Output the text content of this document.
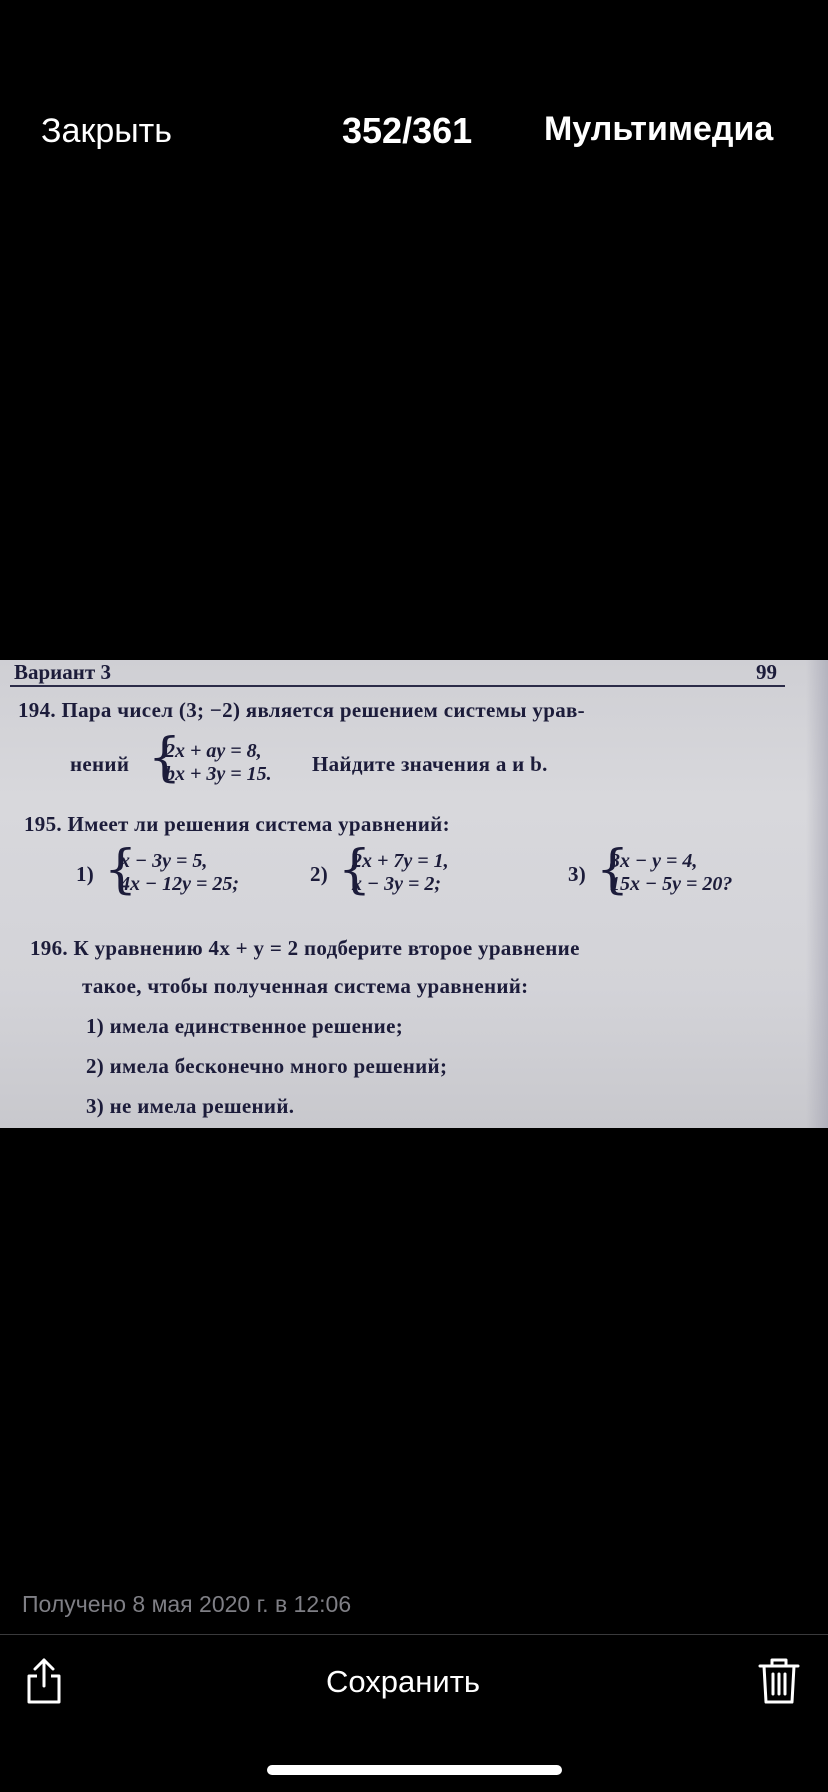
Закрыть	352/361 Мультимедиа
Вариант 3	99
194. Пара чисел (3; −2) является решением системы урав-
нений {
2x + ay = 8,
bx + 3y = 15. Найдите значения a и b.
195. Имеет ли решения система уравнений:
1) {
x − 3y = 5,
4x − 12y = 25;	2) {
2x + 7y = 1,
x − 3y = 2;	3) {
3x − y = 4,
15x − 5y = 20?
196. К уравнению 4x + y = 2 подберите второе уравнение
такое, чтобы полученная система уравнений:
1) имела единственное решение;
2) имела бесконечно много решений;
3) не имела решений.
Получено 8 мая 2020 г. в 12:06
Сохранить
